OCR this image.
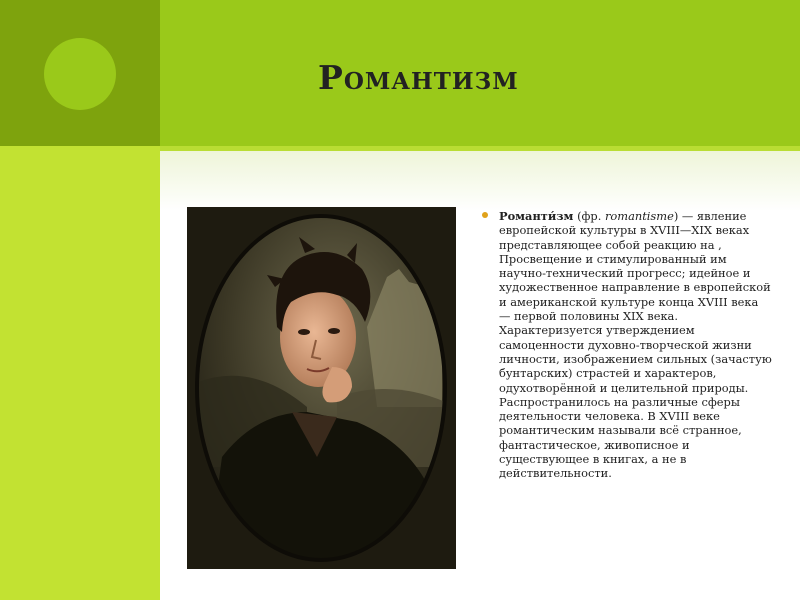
Романтизм

Романти́зм (фр. romantisme) — явление европейской культуры в XVIII—XIX веках представляющее собой реакцию на , Просвещение и стимулированный им научно-технический прогресс; идейное и художественное направление в европейской и американской культуре конца XVIII века — первой половины XIX века. Характеризуется утверждением самоценности духовно-творческой жизни личности, изображением сильных (зачастую бунтарских) страстей и характеров, одухотворённой и целительной природы. Распространилось на различные сферы деятельности человека. В XVIII веке романтическим называли всё странное, фантастическое, живописное и существующее в книгах, а не в действительности.
